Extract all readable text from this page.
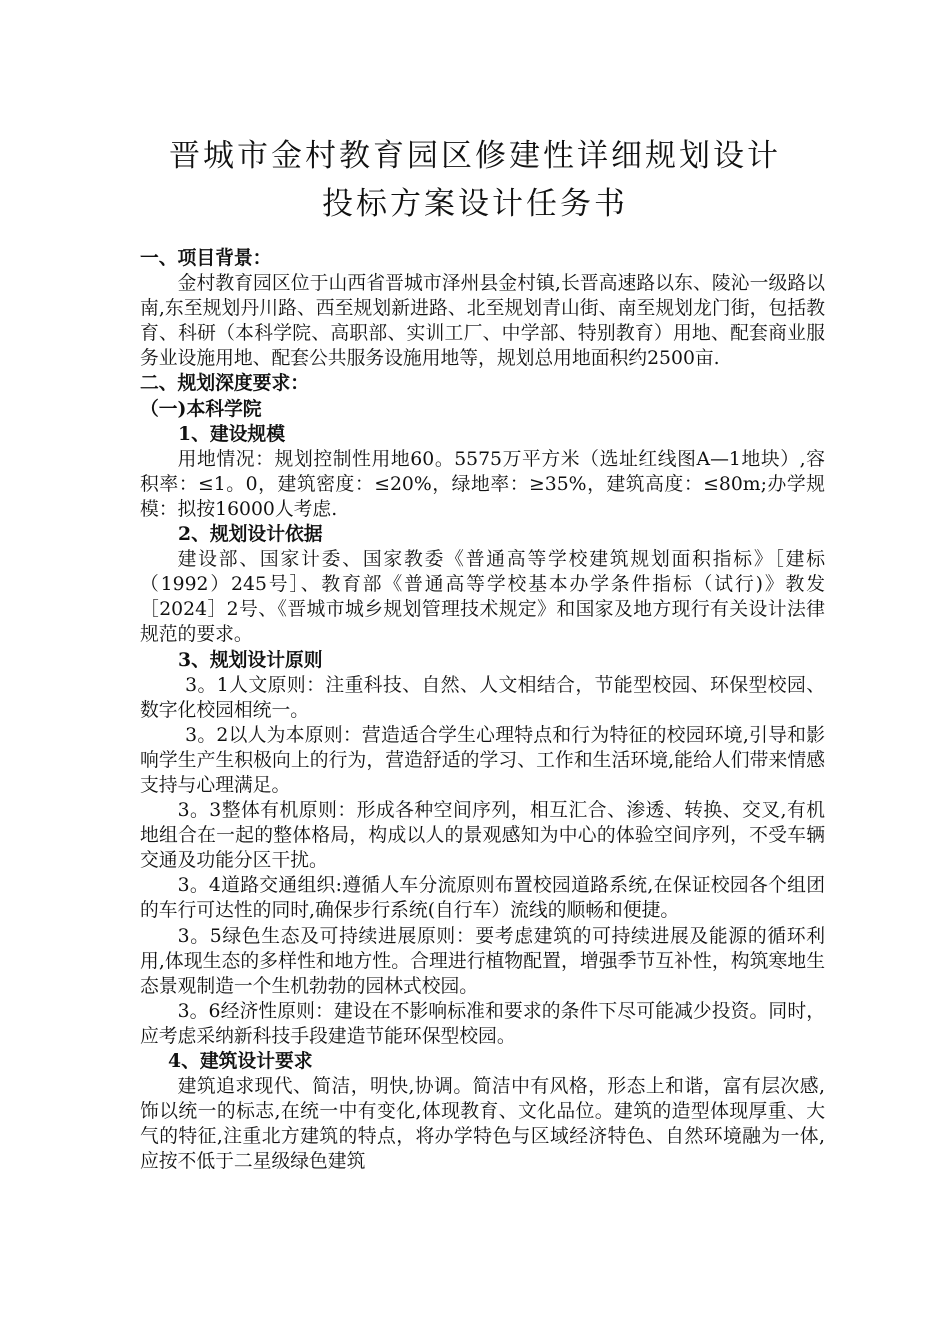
晋城市金村教育园区修建性详细规划设计
投标方案设计任务书

一、项目背景：

金村教育园区位于山西省晋城市泽州县金村镇,长晋高速路以东、陵沁一级路以南,东至规划丹川路、西至规划新进路、北至规划青山街、南至规划龙门街，包括教育、科研（本科学院、高职部、实训工厂、中学部、特别教育）用地、配套商业服务业设施用地、配套公共服务设施用地等，规划总用地面积约2500亩.

二、规划深度要求：

（一)本科学院

1、建设规模

用地情况：规划控制性用地60。5575万平方米（选址红线图A—1地块）,容积率：≤1。0，建筑密度：≤20%，绿地率：≥35%，建筑高度：≤80m;办学规模：拟按16000人考虑.

2、规划设计依据

建设部、国家计委、国家教委《普通高等学校建筑规划面积指标》［建标（1992）245号］、教育部《普通高等学校基本办学条件指标（试行)》教发［2024］2号、《晋城市城乡规划管理技术规定》和国家及地方现行有关设计法律规范的要求。

3、规划设计原则

3。1人文原则：注重科技、自然、人文相结合，节能型校园、环保型校园、数字化校园相统一。

3。2以人为本原则：营造适合学生心理特点和行为特征的校园环境,引导和影响学生产生积极向上的行为，营造舒适的学习、工作和生活环境,能给人们带来情感支持与心理满足。

3。3整体有机原则：形成各种空间序列，相互汇合、渗透、转换、交叉,有机地组合在一起的整体格局，构成以人的景观感知为中心的体验空间序列，不受车辆交通及功能分区干扰。

3。4道路交通组织:遵循人车分流原则布置校园道路系统,在保证校园各个组团的车行可达性的同时,确保步行系统(自行车）流线的顺畅和便捷。

3。5绿色生态及可持续进展原则：要考虑建筑的可持续进展及能源的循环利用,体现生态的多样性和地方性。合理进行植物配置，增强季节互补性，构筑寒地生态景观制造一个生机勃勃的园林式校园。

3。6经济性原则：建设在不影响标准和要求的条件下尽可能减少投资。同时，应考虑采纳新科技手段建造节能环保型校园。

4、建筑设计要求

建筑追求现代、简洁，明快,协调。简洁中有风格，形态上和谐，富有层次感,饰以统一的标志,在统一中有变化,体现教育、文化品位。建筑的造型体现厚重、大气的特征,注重北方建筑的特点，将办学特色与区域经济特色、自然环境融为一体,应按不低于二星级绿色建筑
